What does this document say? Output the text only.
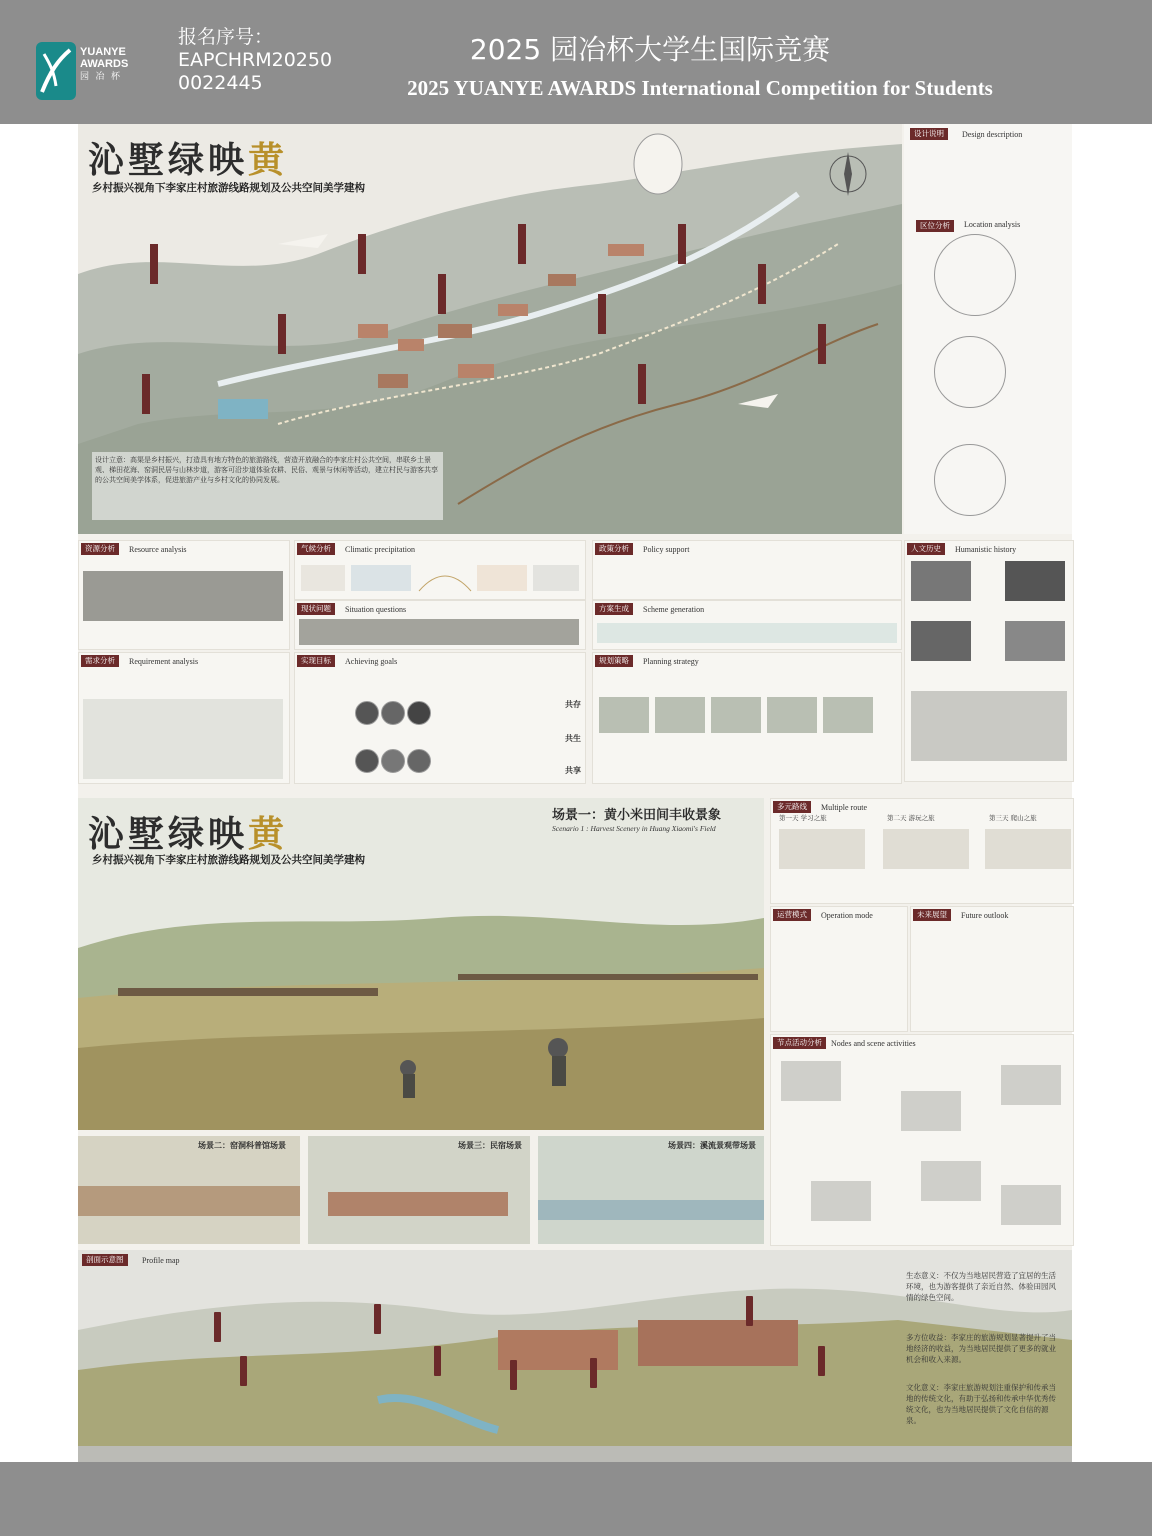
YUANYE
AWARDS
园 冶 杯
报名序号：
EAPCHRM20250
0022445
2025 园冶杯大学生国际竞赛
2025 YUANYE AWARDS International Competition for Students
沁墅绿映黄
乡村振兴视角下李家庄村旅游线路规划及公共空间美学建构
设计立意：高渠是乡村振兴，打造具有地方特色的旅游路线，营造开放融合的李家庄村公共空间，串联乡土景观、梯田花海、窑洞民居与山林步道，游客可沿步道体验农耕、民俗、观景与休闲等活动，建立村民与游客共享的公共空间美学体系，促进旅游产业与乡村文化的协同发展。
设计说明	Design description
区位分析	Location analysis
资源分析	Resource analysis	气候分析	Climatic precipitation
现状问题	Situation questions
政策分析	Policy support
方案生成	Scheme generation
人文历史	Humanistic history
需求分析	Requirement analysis	实现目标	Achieving goals
共存
共生
共享
规划策略	Planning strategy
沁墅绿映黄
乡村振兴视角下李家庄村旅游线路规划及公共空间美学建构
场景一：黄小米田间丰收景象
Scenario 1 : Harvest Scenery in Huang Xiaomi's Field
场景二：窑洞科普馆场景	场景三：民宿场景	场景四：溪流景观带场景
多元路线	Multiple route
第一天 学习之旅	第二天 游玩之旅	第三天 爬山之旅
运营模式	Operation mode	未来展望	Future outlook
节点活动分析	Nodes and scene activities
剖面示意图	Profile map
生态意义：不仅为当地居民营造了宜居的生活环境，也为游客提供了亲近自然、体验田园风情的绿色空间。
多方位收益：李家庄的旅游规划显著提升了当地经济的收益，为当地居民提供了更多的就业机会和收入来源。
文化意义：李家庄旅游规划注重保护和传承当地的传统文化，有助于弘扬和传承中华优秀传统文化，也为当地居民提供了文化自信的源泉。
